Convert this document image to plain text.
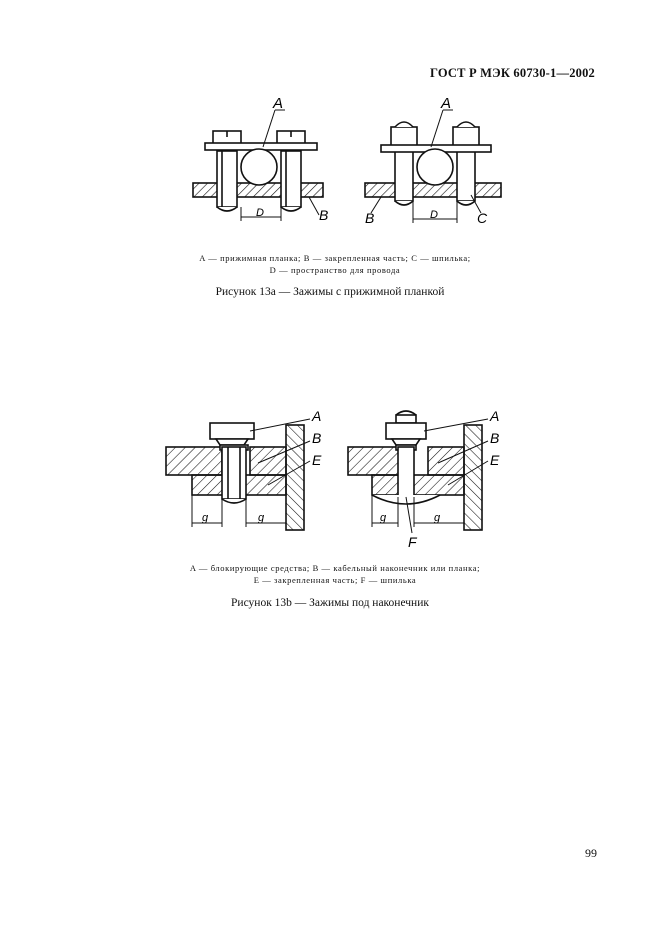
ГОСТ Р МЭК 60730-1—2002
A
D	B
A
B	D	C
A — прижимная планка; B — закрепленная часть; C — шпилька;
D — пространство для провода
Рисунок 13а — Зажимы с прижимной планкой
A
B
E
g	g
A
B
E
g	g
F
A — блокирующие средства; B — кабельный наконечник или планка;
E — закрепленная часть; F — шпилька
Рисунок 13b — Зажимы под наконечник
99
